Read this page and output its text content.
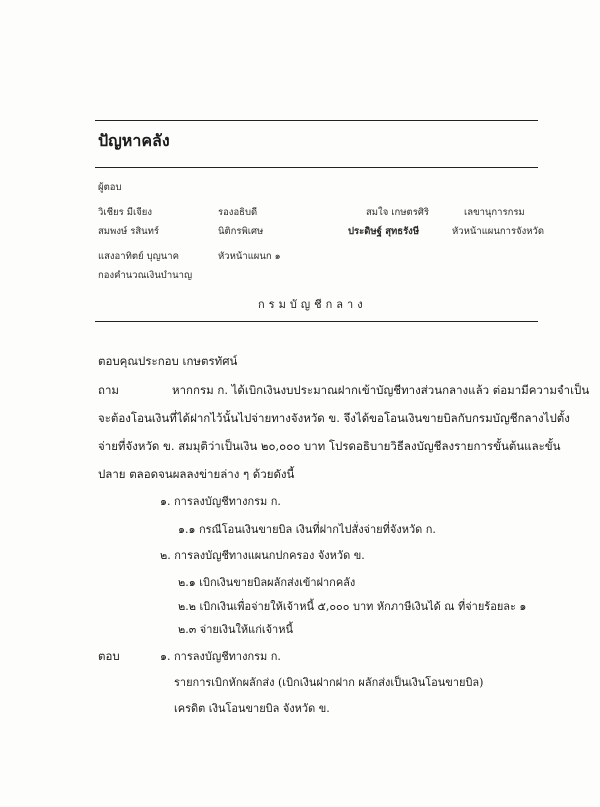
ปัญหาคลัง
ผู้ตอบ
วิเชียร มีเจียง	รองอธิบดี	สมใจ เกษตรศิริ	เลขานุการกรม
สมพงษ์ รสินทร์	นิติกรพิเศษ	ประดิษฐ์ สุทธรังษี	หัวหน้าแผนการจังหวัด
แสงอาทิตย์ บุญนาค	หัวหน้าแผนก ๑
กองคำนวณเงินบำนาญ
กรมบัญชีกลาง
ตอบคุณประกอบ เกษตรทัศน์
ถาม	หากกรม ก. ได้เบิกเงินงบประมาณฝากเข้าบัญชีทางส่วนกลางแล้ว ต่อมามีความจำเป็น
จะต้องโอนเงินที่ได้ฝากไว้นั้นไปจ่ายทางจังหวัด ข. จึงได้ขอโอนเงินขายบิลกับกรมบัญชีกลางไปตั้ง
จ่ายที่จังหวัด ข. สมมุติว่าเป็นเงิน ๒๐,๐๐๐ บาท โปรดอธิบายวิธีลงบัญชีลงรายการขั้นต้นและขั้น
ปลาย ตลอดจนผลลงข่ายล่าง ๆ ด้วยดังนี้
๑. การลงบัญชีทางกรม ก.
๑.๑ กรณีโอนเงินขายบิล เงินที่ฝากไปสั่งจ่ายที่จังหวัด ก.
๒. การลงบัญชีทางแผนกปกครอง จังหวัด ข.
๒.๑ เบิกเงินขายบิลผลักส่งเข้าฝากคลัง
๒.๒ เบิกเงินเพื่อจ่ายให้เจ้าหนี้ ๕,๐๐๐ บาท หักภาษีเงินได้ ณ ที่จ่ายร้อยละ ๑
๒.๓ จ่ายเงินให้แก่เจ้าหนี้
ตอบ	๑. การลงบัญชีทางกรม ก.
รายการเบิกหักผลักส่ง (เบิกเงินฝากฝาก ผลักส่งเป็นเงินโอนขายบิล)
เครดิต เงินโอนขายบิล จังหวัด ข.
